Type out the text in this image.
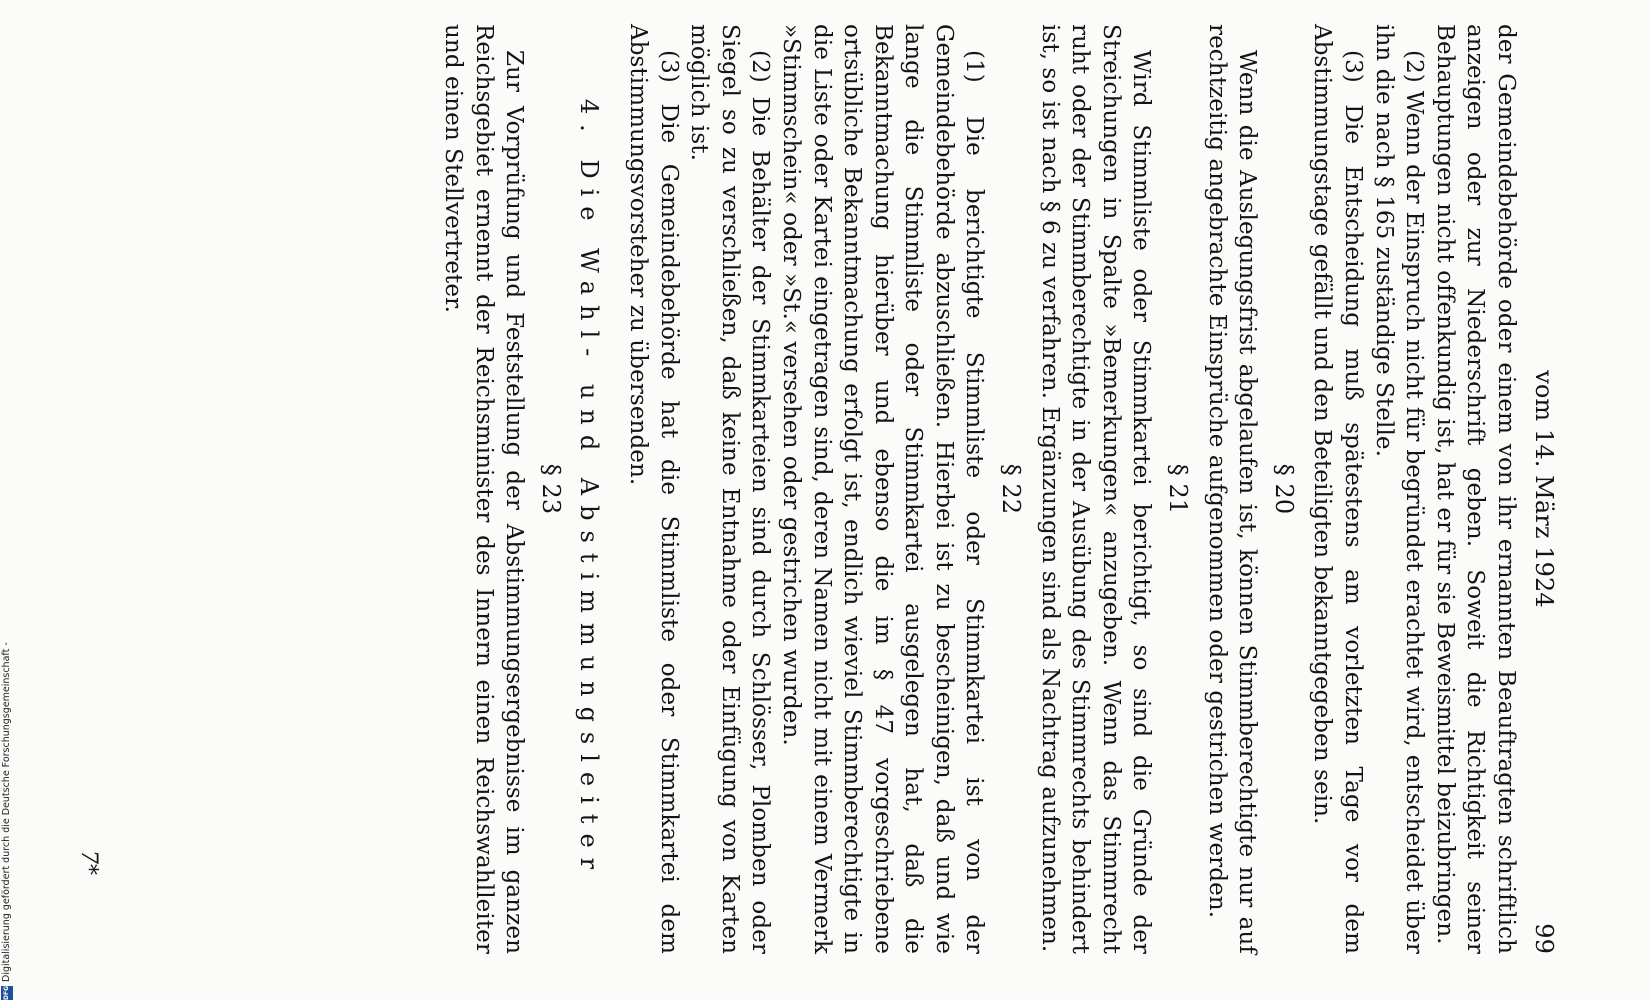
vom 14. März 1924
99

der Gemeindebehörde oder einem von ihr ernannten Beauftragten schriftlich anzeigen oder zur Niederschrift geben. Soweit die Richtigkeit seiner Behauptungen nicht offenkundig ist, hat er für sie Beweismittel beizubringen.

(2) Wenn der Einspruch nicht für begründet erachtet wird, entscheidet über ihn die nach § 165 zuständige Stelle.

(3) Die Entscheidung muß spätestens am vorletzten Tage vor dem Abstimmungstage gefällt und den Beteiligten bekanntgegeben sein.

§ 20

Wenn die Auslegungsfrist abgelaufen ist, können Stimmberechtigte nur auf rechtzeitig angebrachte Einsprüche aufgenommen oder gestrichen werden.

§ 21

Wird Stimmliste oder Stimmkartei berichtigt, so sind die Gründe der Streichungen in Spalte »Bemerkungen« anzugeben. Wenn das Stimmrecht ruht oder der Stimmberechtigte in der Ausübung des Stimmrechts behindert ist, so ist nach § 6 zu verfahren. Ergänzungen sind als Nachtrag aufzunehmen.

§ 22

(1) Die berichtigte Stimmliste oder Stimmkartei ist von der Gemeindebehörde abzuschließen. Hierbei ist zu bescheinigen, daß und wie lange die Stimmliste oder Stimmkartei ausgelegen hat, daß die Bekanntmachung hierüber und ebenso die im § 47 vorgeschriebene ortsübliche Bekanntmachung erfolgt ist, endlich wieviel Stimmberechtigte in die Liste oder Kartei eingetragen sind, deren Namen nicht mit einem Vermerk »Stimmschein« oder »St.« versehen oder gestrichen wurden.

(2) Die Behälter der Stimmkarteien sind durch Schlösser, Plomben oder Siegel so zu verschließen, daß keine Entnahme oder Einfügung von Karten möglich ist.

(3) Die Gemeindebehörde hat die Stimmliste oder Stimmkartei dem Abstimmungsvorsteher zu übersenden.

4. Die Wahl- und Abstimmungsleiter
§ 23

Zur Vorprüfung und Feststellung der Abstimmungsergebnisse im ganzen Reichsgebiet ernennt der Reichsminister des Innern einen Reichswahlleiter und einen Stellvertreter.

7*
DFG
Digitalisierung gefördert durch die Deutsche Forschungsgemeinschaft -
